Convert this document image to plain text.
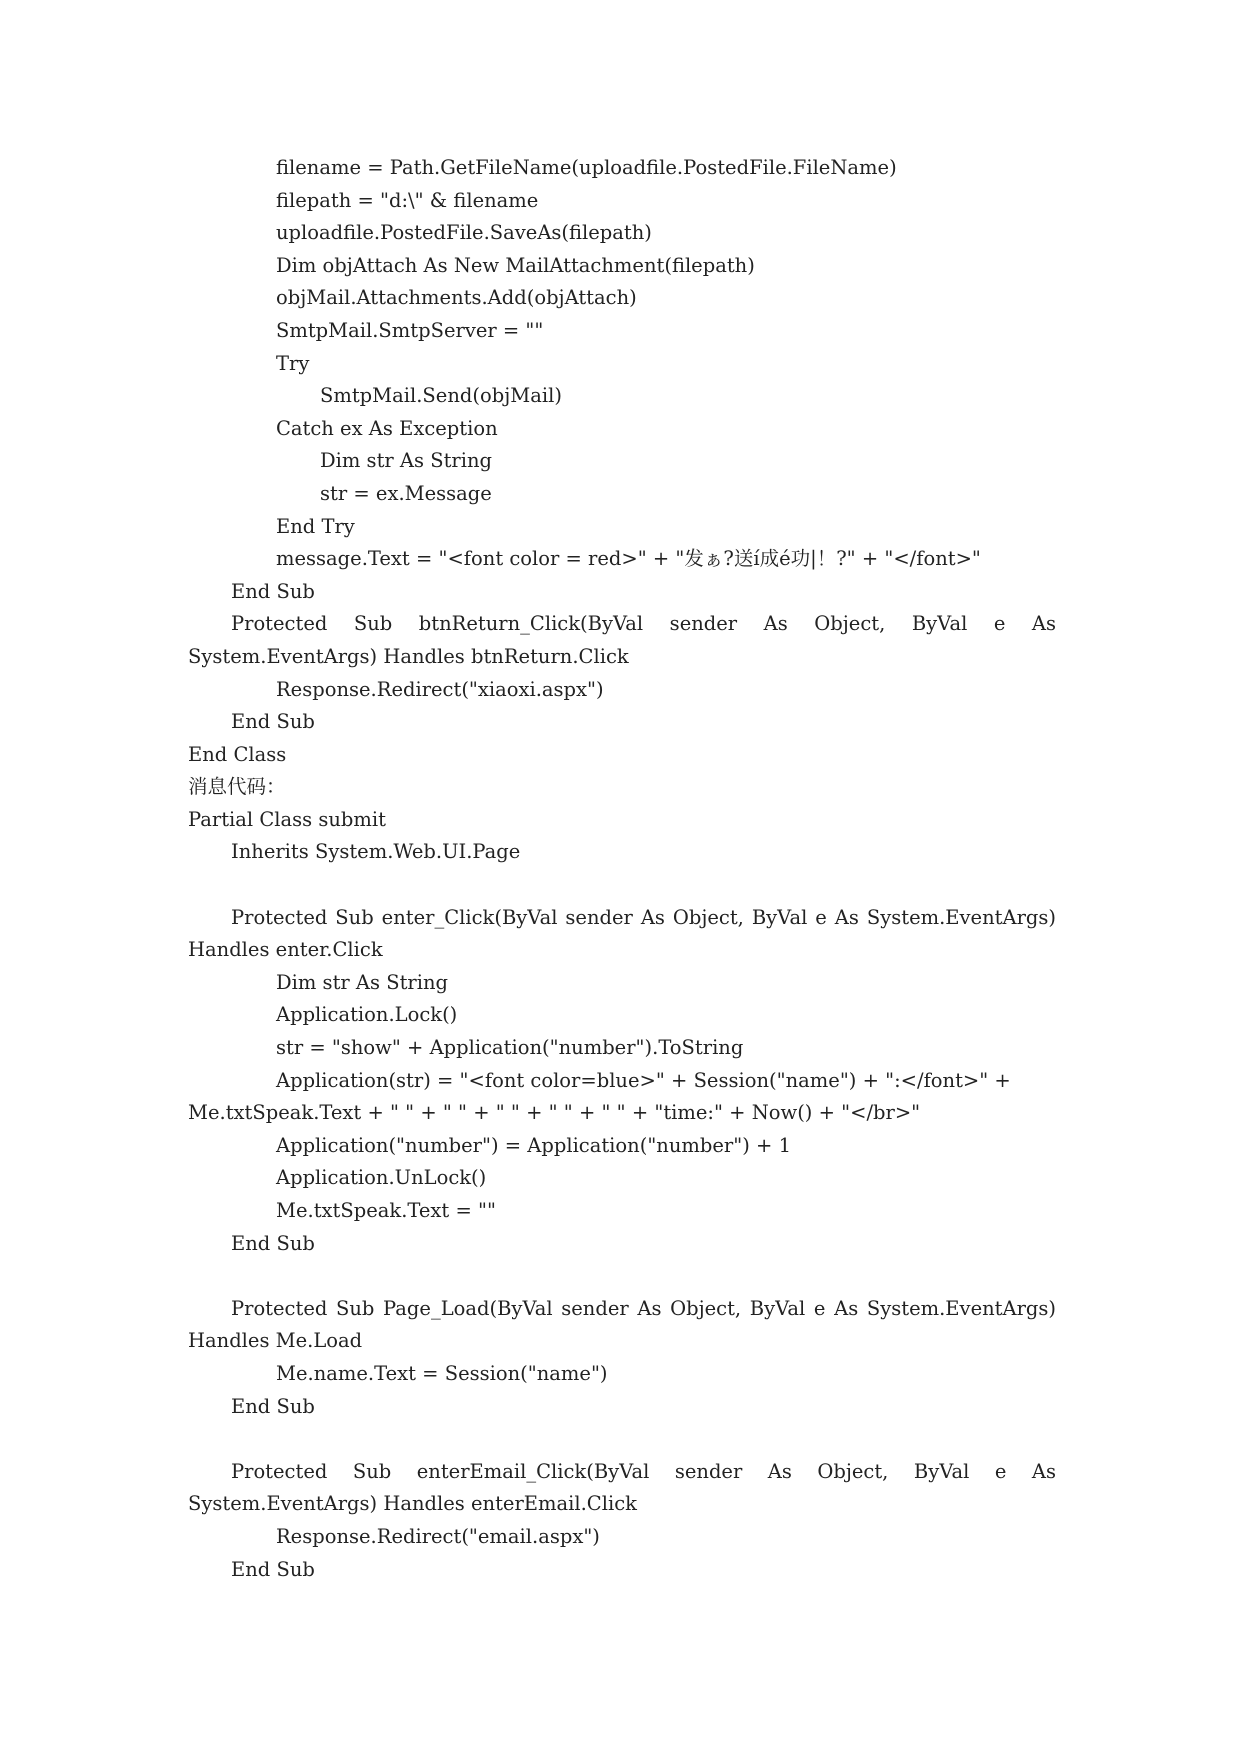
filename = Path.GetFileName(uploadfile.PostedFile.FileName)
filepath = "d:\" & filename
uploadfile.PostedFile.SaveAs(filepath)
Dim objAttach As New MailAttachment(filepath)
objMail.Attachments.Add(objAttach)
SmtpMail.SmtpServer = ""
Try
SmtpMail.Send(objMail)
Catch ex As Exception
Dim str As String
str = ex.Message
End Try
message.Text = "<font color = red>" + "发ぁ?送í成é功|！?" + "</font>"
End Sub
Protected Sub btnReturn_Click(ByVal sender As Object, ByVal e As
System.EventArgs) Handles btnReturn.Click
Response.Redirect("xiaoxi.aspx")
End Sub
End Class
消息代码：
Partial Class submit
Inherits System.Web.UI.Page
Protected Sub enter_Click(ByVal sender As Object, ByVal e As System.EventArgs)
Handles enter.Click
Dim str As String
Application.Lock()
str = "show" + Application("number").ToString
Application(str) = "<font color=blue>" + Session("name") + ":</font>" +
Me.txtSpeak.Text + " " + " " + " " + " " + " " + "time:" + Now() + "</br>"
Application("number") = Application("number") + 1
Application.UnLock()
Me.txtSpeak.Text = ""
End Sub
Protected Sub Page_Load(ByVal sender As Object, ByVal e As System.EventArgs)
Handles Me.Load
Me.name.Text = Session("name")
End Sub
Protected Sub enterEmail_Click(ByVal sender As Object, ByVal e As
System.EventArgs) Handles enterEmail.Click
Response.Redirect("email.aspx")
End Sub
